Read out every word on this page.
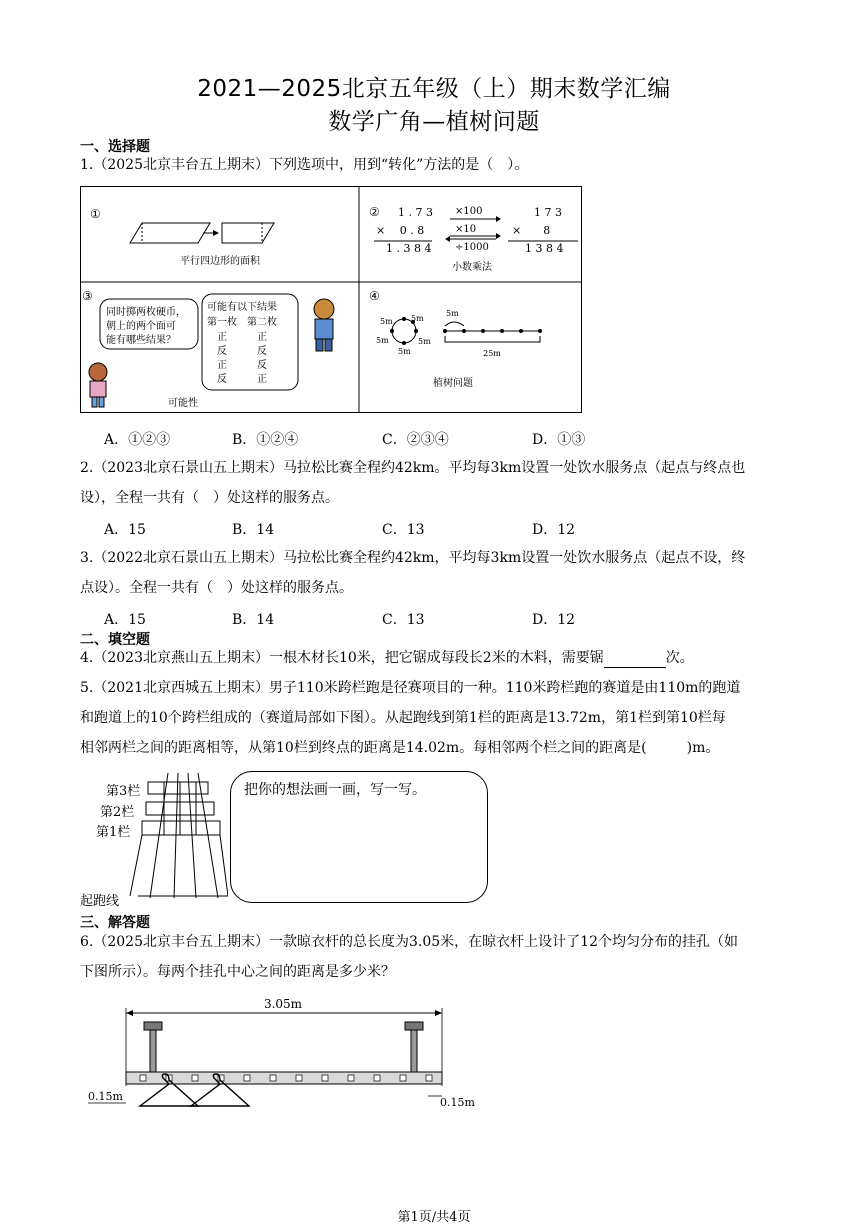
2021—2025北京五年级（上）期末数学汇编
数学广角—植树问题
一、选择题
1.（2025北京丰台五上期末）下列选项中，用到“转化”方法的是（　）。
①
平行四边形的面积
② 1 . 7 3
×　 0 . 8
1 . 3 8 4
×100
×10
÷1000
1 7 3
×　　8
1 3 8 4
小数乘法
③
同时掷两枚硬币，
朝上的两个面可
能有哪些结果？
可能有以下结果
第一枚　第二枚
　正　　　正
　反　　　反
　正　　　反
　反　　　正
可能性
④
5m 5m
5m	5m
5m
5m
25m
植树问题
A．①②③	B．①②④	C．②③④	D．①③
2.（2023北京石景山五上期末）马拉松比赛全程约42km。平均每3km设置一处饮水服务点（起点与终点也
设），全程一共有（　）处这样的服务点。
A．15	B．14	C．13	D．12
3.（2022北京石景山五上期末）马拉松比赛全程约42km，平均每3km设置一处饮水服务点（起点不设，终
点设）。全程一共有（　）处这样的服务点。
A．15	B．14	C．13	D．12
二、填空题
4.（2023北京燕山五上期末）一根木材长10米，把它锯成每段长2米的木料，需要锯	次。
5.（2021北京西城五上期末）男子110米跨栏跑是径赛项目的一种。110米跨栏跑的赛道是由110m的跑道
和跑道上的10个跨栏组成的（赛道局部如下图）。从起跑线到第1栏的距离是13.72m，第1栏到第10栏每
相邻两栏之间的距离相等，从第10栏到终点的距离是14.02m。每相邻两个栏之间的距离是(	)m。
第3栏
第2栏
第1栏
起跑线
把你的想法画一画，写一写。
三、解答题
6.（2025北京丰台五上期末）一款晾衣杆的总长度为3.05米，在晾衣杆上设计了12个均匀分布的挂孔（如
下图所示）。每两个挂孔中心之间的距离是多少米？
3.05m
0.15m	0.15m
第1页/共4页
